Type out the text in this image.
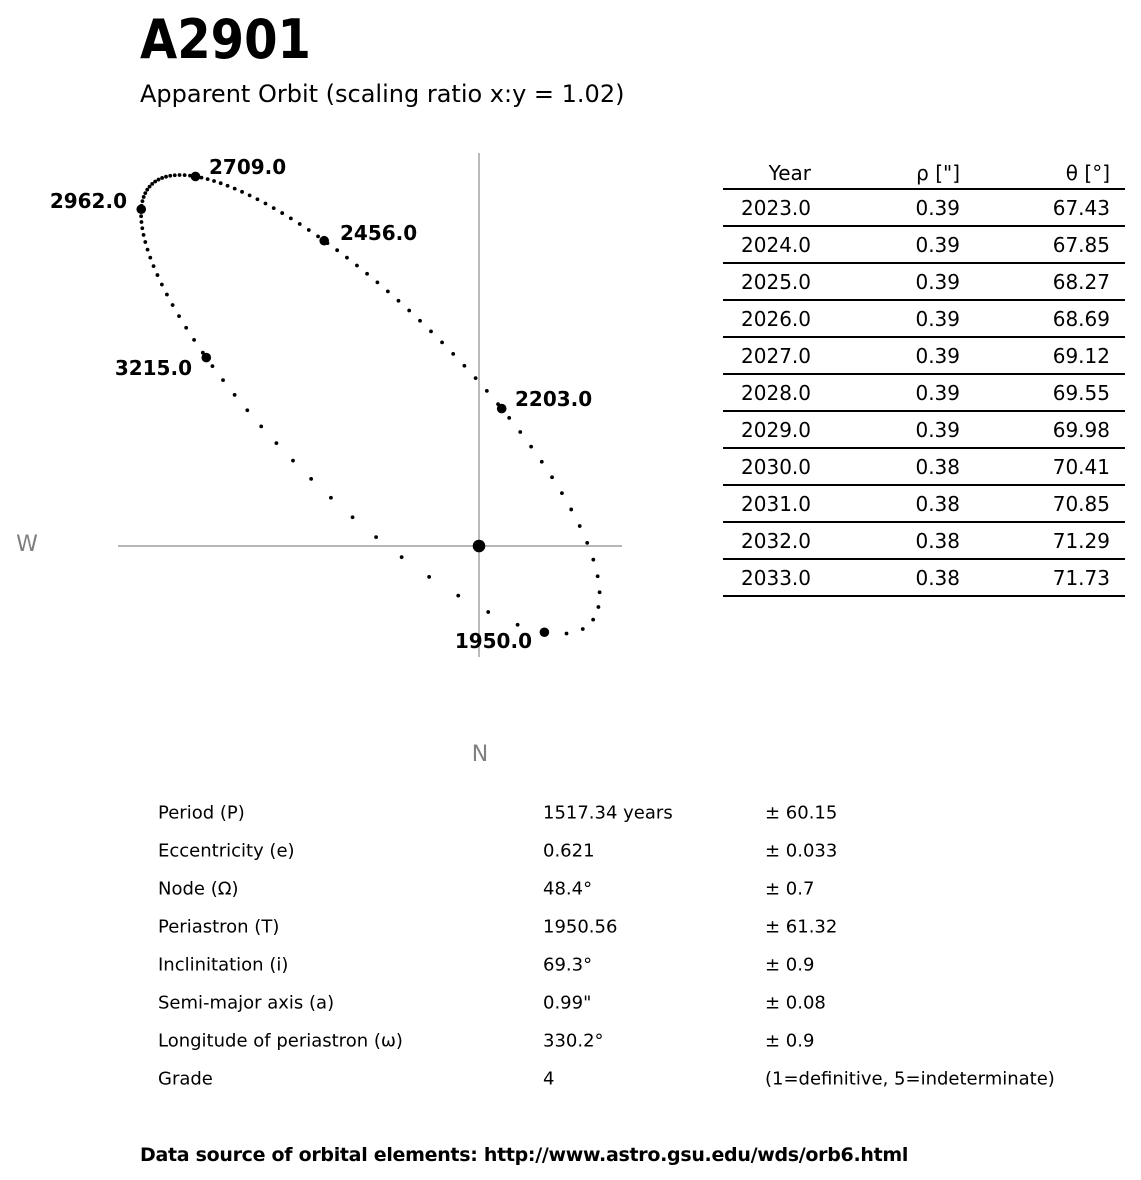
A2901
Apparent Orbit (scaling ratio x:y = 1.02)
W
N
1950.0
2203.0
2456.0
2709.0
2962.0
3215.0
Year	ρ ["]	θ [°]
2023.0	0.39	67.43
2024.0	0.39	67.85
2025.0	0.39	68.27
2026.0	0.39	68.69
2027.0	0.39	69.12
2028.0	0.39	69.55
2029.0	0.39	69.98
2030.0	0.38	70.41
2031.0	0.38	70.85
2032.0	0.38	71.29
2033.0	0.38	71.73
Period (P)	1517.34 years	± 60.15
Eccentricity (e)	0.621	± 0.033
Node (Ω)	48.4°	± 0.7
Periastron (T)	1950.56	± 61.32
Inclinitation (i)	69.3°	± 0.9
Semi-major axis (a)	0.99"	± 0.08
Longitude of periastron (ω)	330.2°	± 0.9
Grade	4	(1=definitive, 5=indeterminate)
Data source of orbital elements: http://www.astro.gsu.edu/wds/orb6.html
